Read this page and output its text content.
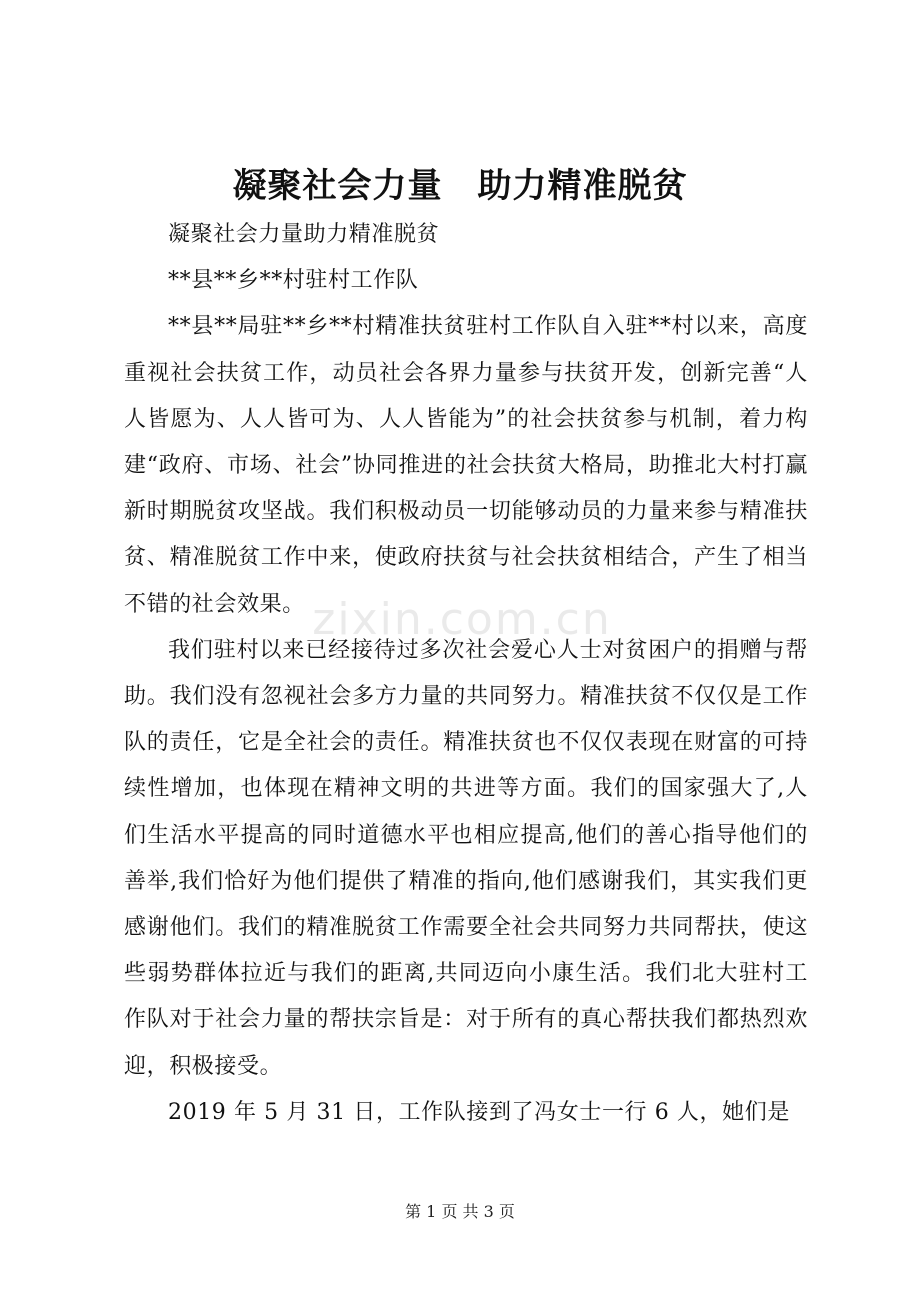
凝聚社会力量　助力精准脱贫

凝聚社会力量助力精准脱贫

**县**乡**村驻村工作队

**县**局驻**乡**村精准扶贫驻村工作队自入驻**村以来，高度重视社会扶贫工作，动员社会各界力量参与扶贫开发，创新完善“人人皆愿为、人人皆可为、人人皆能为”的社会扶贫参与机制，着力构建“政府、市场、社会”协同推进的社会扶贫大格局，助推北大村打赢新时期脱贫攻坚战。我们积极动员一切能够动员的力量来参与精准扶贫、精准脱贫工作中来，使政府扶贫与社会扶贫相结合，产生了相当不错的社会效果。

我们驻村以来已经接待过多次社会爱心人士对贫困户的捐赠与帮助。我们没有忽视社会多方力量的共同努力。精准扶贫不仅仅是工作队的责任，它是全社会的责任。精准扶贫也不仅仅表现在财富的可持续性增加，也体现在精神文明的共进等方面。我们的国家强大了,人们生活水平提高的同时道德水平也相应提高,他们的善心指导他们的善举,我们恰好为他们提供了精准的指向,他们感谢我们，其实我们更感谢他们。我们的精准脱贫工作需要全社会共同努力共同帮扶，使这些弱势群体拉近与我们的距离,共同迈向小康生活。我们北大驻村工作队对于社会力量的帮扶宗旨是：对于所有的真心帮扶我们都热烈欢迎，积极接受。

2019 年 5 月 31 日，工作队接到了冯女士一行 6 人，她们是

zixin.com.cn
第 1 页 共 3 页
